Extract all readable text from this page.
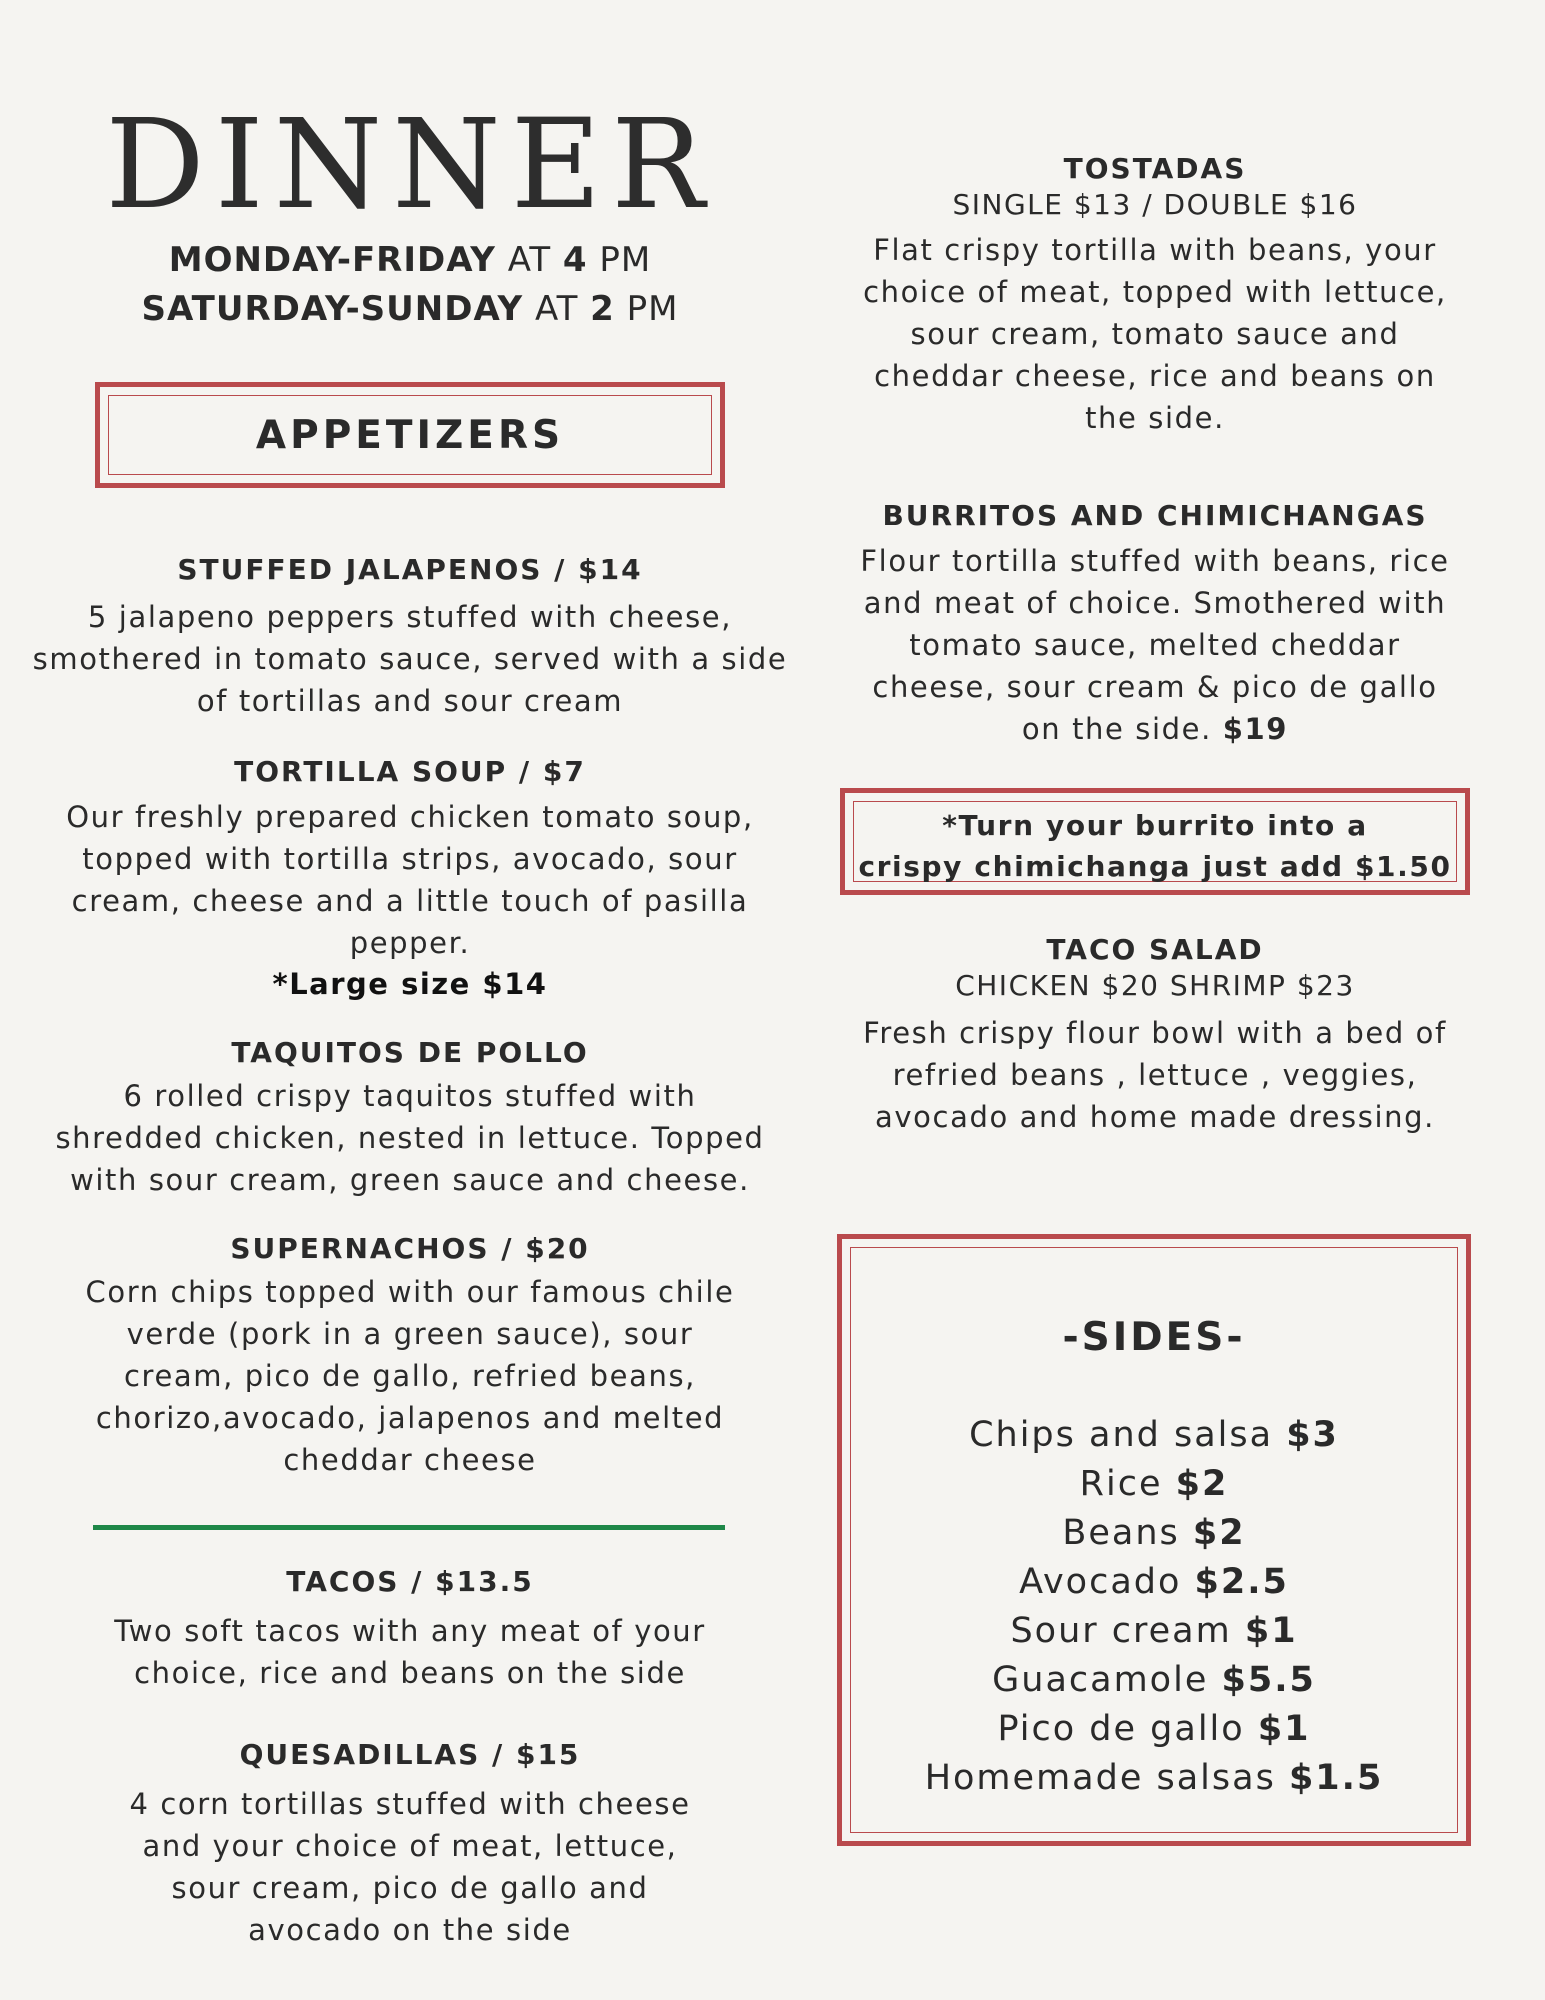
DINNER
MONDAY-FRIDAY AT 4 PM
SATURDAY-SUNDAY AT 2 PM
APPETIZERS
STUFFED JALAPENOS / $14
5 jalapeno peppers stuffed with cheese, smothered in tomato sauce, served with a side of tortillas and sour cream
TORTILLA SOUP / $7
Our freshly prepared chicken tomato soup, topped with tortilla strips, avocado, sour cream, cheese and a little touch of pasilla pepper.
*Large size $14
TAQUITOS DE POLLO
6 rolled crispy taquitos stuffed with shredded chicken, nested in lettuce. Topped with sour cream, green sauce and cheese.
SUPERNACHOS / $20
Corn chips topped with our famous chile verde (pork in a green sauce), sour cream, pico de gallo, refried beans, chorizo,avocado, jalapenos and melted cheddar cheese
TACOS / $13.5
Two soft tacos with any meat of your choice, rice and beans on the side
QUESADILLAS / $15
4 corn tortillas stuffed with cheese and your choice of meat, lettuce, sour cream, pico de gallo and avocado on the side
TOSTADAS
SINGLE $13 / DOUBLE $16
Flat crispy tortilla with beans, your choice of meat, topped with lettuce, sour cream, tomato sauce and cheddar cheese, rice and beans on the side.
BURRITOS AND CHIMICHANGAS
Flour tortilla stuffed with beans, rice and meat of choice. Smothered with tomato sauce, melted cheddar cheese, sour cream & pico de gallo on the side. $19
*Turn your burrito into a
crispy chimichanga just add $1.50
TACO SALAD
CHICKEN $20 SHRIMP $23
Fresh crispy flour bowl with a bed of refried beans , lettuce , veggies, avocado and home made dressing.
-SIDES-
Chips and salsa $3
Rice $2
Beans $2
Avocado $2.5
Sour cream $1
Guacamole $5.5
Pico de gallo $1
Homemade salsas $1.5
